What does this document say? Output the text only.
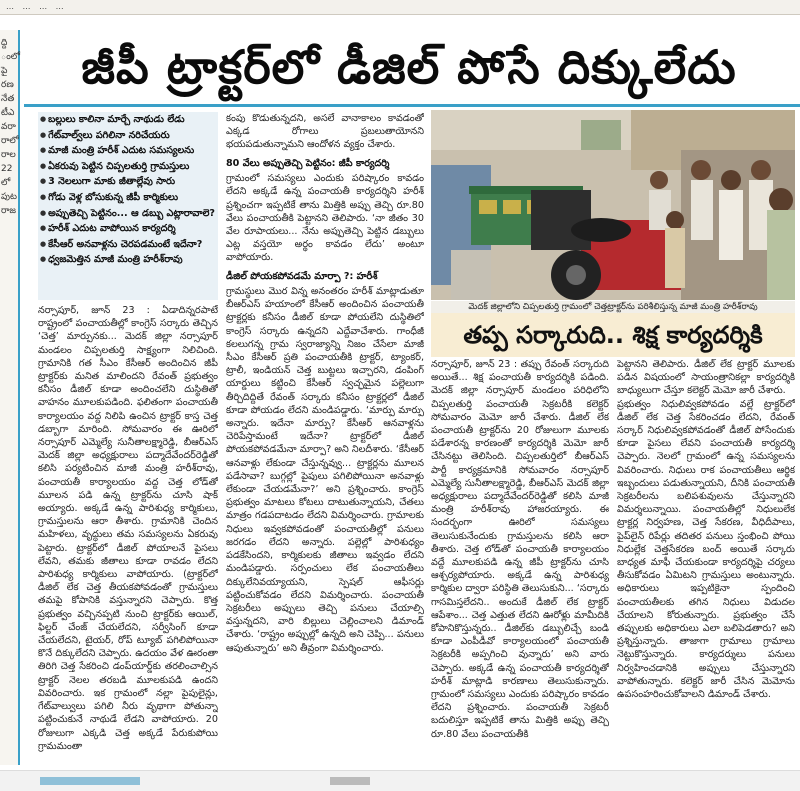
… … … …
ద్ది
ంలో
పై
రణ
నేత
టీఎ
వరా
రాలో
రాల
22
లో
పుట
రాజ
జీపీ ట్రాక్టర్‌లో డీజిల్‌ పోసే దిక్కులేదు
● బల్లులు కాలినా మార్చే నాథుడు లేడు
● గేట్‌వాల్వ్‌లు పగిలినా నరిచేయరు
● మాజీ మంత్రి హరీశ్‌ ఎదుట సమస్యలను
● ఏకరువు పెట్టిన చిప్పలతుర్తి గ్రామస్తులు
● 3 నెలలుగా మాకు జీతాల్లేవు సారు
● గోడు వెళ్ల బోసుకున్న జీపీ కార్మికులు
● అప్పుతెచ్చి పెట్టినం... ఆ డబ్బు ఎట్లారావాలె?
● హరీశ్‌ ఎదుట వాపోయిన కార్యదర్శి
● కేసీఆర్‌ అనవాళ్లను చెరపడమంటే ఇదేనా?
● ధ్వజమెత్తిన మాజీ మంత్రి హరీశ్‌రావు

నర్సాపూర్‌, జూన్‌ 23 : ఏడాదిన్నరపాటే రాష్ట్రంలో పంచాయతీల్లో కాంగ్రెస్‌ సర్కారు తెచ్చిన ‘చెత్త’ మార్పునకు... మెదక్‌ జిల్లా నర్సాపూర్‌ మండలం చిప్పలతుర్తి సాక్ష్యంగా నిలిచింది. గ్రామానికి గత సీఎం కేసీఆర్‌ అందించిన జీపీ ట్రాక్టర్‌కు మనిత మాలిందని రేవంత్‌ ప్రభుత్వం కనీసం డీజిల్‌ కూడా అందించలేని దుస్థితితో వాహనం మూలకుపడింది. ఫలితంగా పంచాయతీ కార్యాలయం వద్ద నిలిపి ఉంచిన ట్రాక్టర్‌ కాస్త చెత్త డబ్బాగా మారింది. సోమవారం ఈ ఊరిలో నర్సాపూర్‌ ఎమ్మెల్యే సునీతాలక్ష్మారెడ్డి, బీఆర్‌ఎస్‌ మెదక్‌ జిల్లా అధ్యక్షురాలు పద్మాదేవేందర్‌రెడ్డితో కలిసి పర్యటించిన మాజీ మంత్రి హరీశ్‌రావు, పంచాయతీ కార్యాలయం వద్ద చెత్త లోడ్‌తో మూలన పడి ఉన్న ట్రాక్టర్‌ను చూసి షాక్‌ అయ్యారు. అక్కడే ఉన్న పారిశుధ్య కార్మికులు, గ్రామస్తులను ఆరా తీశారు. గ్రామానికి చెందిన మహిళలు, వృద్ధులు తమ సమస్యలను ఏకరువు పెట్టారు. ట్రాక్టర్‌లో డీజిల్‌ పోయాలనే పైసలు లేవని, తమకు జీతాలు కూడా రావడం లేదని పారిశుధ్య కార్మికులు వాపోయారు. (ట్రాక్టర్‌లో డీజిల్‌ లేక చెత్త తీయకపోవడంతో గ్రామస్తులు తమపై కోపానికి వస్తున్నారని చెప్పారు. కొత్త ప్రభుత్వం వచ్చినప్పటి నుంచి ట్రాక్టర్‌కు ఆయిల్‌, ఫిల్టర్‌ చేంజ్‌ చేయలేదని, సర్వీసింగ్‌ కూడా చేయలేదని, టైయర్‌, రోప్‌ ట్యూబ్‌ పగిలిపోయినా కొనే దిక్కులేదని చెప్పారు. ఉదయం వేళ ఊరంతా తిరిగి చెత్త సేకరించి డంప్‌యార్డ్‌కు తరలించాల్సిన ట్రాక్టర్‌ నెలల తరబడి మూలకుపడి ఉందని వివరించారు. ఇక గ్రామంలో నల్లా పైపులైన్లు, గేట్‌వాల్వులు పగిలి నీరు వృథాగా పోతున్నా పట్టించుకునే నాథుడే లేడని వాపోయారు. 20 రోజులుగా ఎక్కడి చెత్త అక్కడే పేరుకుపోయి గ్రామమంతా

కంపు కొడుతున్నదని, అసలే వానాకాలం కావడంతో ఎక్కడ రోగాలు ప్రబలుతాయోనని భయపడుతున్నామని ఆందోళన వ్యక్తం చేశారు.

80 వేలు అప్పుతెచ్చి పెట్టినం: జీపీ కార్యదర్శి

గ్రామంలో సమస్యలు ఎందుకు పరిష్కారం కావడం లేదని అక్కడే ఉన్న పంచాయతీ కార్యదర్శిని హరీశ్‌ ప్రశ్నించగా ఇప్పటికే తాను మిత్తికి అప్పు తెచ్చి రూ.80 వేలు పంచాయతీకి పెట్టానని తెలిపారు. ‘నా జీతం 30 వేల రూపాయలు... నేను అప్పుతెచ్చి పెట్టిన డబ్బులు ఎట్ల వస్తయో అర్థం కావడం లేదు’ అంటూ వాపోయారు.

డీజిల్‌ పోయకపోవడమే మార్పా ?: హరీశ్‌

గ్రామస్థులు మొర విన్న అనంతరం హరీశ్‌ మాట్లాడుతూ బీఆర్‌ఎస్‌ హయాంలో కేసీఆర్‌ అందించిన పంచాయతీ ట్రాక్టర్లకు కనీసం డీజిల్‌ కూడా పోయలేని దుస్థితిలో కాంగ్రెస్‌ సర్కారు ఉన్నదని ఎద్దేవాచేశారు. గాంధీజీ కలలుగన్న గ్రామ స్వరాజ్యాన్ని నిజం చేసేలా మాజీ సీఎం కేసీఆర్‌ ప్రతి పంచాయతీకి ట్రాక్టర్‌, ట్యాంకర్‌, ట్రాలీ, ఇండియన్‌ చెత్త బుట్టలు ఇచ్చారని, డంపింగ్‌ యార్డులు కట్టించి కేసీఆర్‌ స్వచ్ఛమైన పల్లెలుగా తీర్చిదిద్దితే రేవంత్‌ సర్కారు కనీసం ట్రాక్టర్లలో డీజిల్‌ కూడా పోయడం లేదని మండిపడ్డారు. ‘మార్పు మార్పు అన్నారు. ఇదేనా మార్పు? కేసీఆర్‌ ఆనవాళ్లను చెరిపేస్తామంటే ఇదేనా? ట్రాక్టర్‌లో డీజిల్‌ పోయకపోవడమేనా మార్పా? అని నిలదీశారు. ‘కేసీఆర్‌ ఆనవాళ్లు లేకుండా చేస్తున్నవ్వు... ట్రాక్టర్లను మూలన పడేసావా? బుగ్గల్లో పైపులు పగిలిపోయినా అనవాళ్లు లేకుండా చేయడమేనా?’ అని ప్రశ్నించారు. కాంగ్రెస్‌ ప్రభుత్వం మాటలు కోటలు దాటుతున్నాయని, చేతలు మాత్రం గడపదాటడం లేదని విమర్శించారు. గ్రామాలకు నిధులు ఇవ్వకపోవడంతో పంచాయతీల్లో పనులు జరగడం లేదని అన్నారు. పల్లెల్లో పారిశుధ్యం పడకేసిందని, కార్మికులకు జీతాలు ఇవ్వడం లేదని మండిపడ్డారు. సర్పంచులు లేక పంచాయతీలు దిక్కులేనివయ్యాయని, స్పెషల్‌ ఆఫీసర్లు పట్టించుకోవడం లేదని విమర్శించారు. పంచాయతీ సెక్రటరీలు అప్పులు తెచ్చి పనులు చేయాల్సి వస్తున్నదని, వారి బిల్లులు చెల్లించాలని డిమాండ్‌ చేశారు. ‘రాష్ట్రం అప్పుల్లో ఉన్నది అని చెప్పి... పనులు ఆపుతున్నారు’ అని తీవ్రంగా విమర్శించారు.

మెదక్‌ జిల్లాలోని చిప్పలతుర్తి గ్రామంలో చెత్తట్రాక్టర్‌ను పరిశీలిస్తున్న మాజీ మంత్రి హరీశ్‌రావు
తప్ప సర్కారుది.. శిక్ష కార్యదర్శికి

నర్సాపూర్‌, జూన్‌ 23 : తప్పు రేవంత్‌ సర్కారుది అయితే... శిక్ష పంచాయతీ కార్యదర్శికి పడింది. మెదక్‌ జిల్లా నర్సాపూర్‌ మండలం పరిధిలోని చిప్పలతుర్తి పంచాయతీ సెక్రటరీకి కలెక్టర్‌ సోమవారం మెమో జారీ చేశారు. డీజిల్‌ లేక పంచాయతీ ట్రాక్టర్‌ను 20 రోజులుగా మూలకు పడేశారన్న కారణంతో కార్యదర్శికి మెమో జారీ చేసినట్టు తెలిసింది. చిప్పలతుర్తిలో బీఆర్‌ఎస్‌ పార్టీ కార్యక్రమానికి సోమవారం నర్సాపూర్‌ ఎమ్మెల్యే సునీతాలక్ష్మారెడ్డి, బీఆర్‌ఎస్‌ మెదక్‌ జిల్లా అధ్యక్షురాలు పద్మాదేవేందర్‌రెడ్డితో కలిసి మాజీ మంత్రి హరీశ్‌రావు హాజరయ్యారు. ఈ సందర్భంగా ఊరిలో సమస్యలు తెలుసుకునేందుకు గ్రామస్తులను కలిసి ఆరా తీశారు. చెత్త లోడ్‌తో పంచాయతీ కార్యాలయం వద్దే మూలకుపడి ఉన్న జీపీ ట్రాక్టర్‌ను చూసి ఆశ్చర్యపోయారు. అక్కడే ఉన్న పారిశుధ్య కార్మికుల ద్వారా పరిస్థితి తెలుసుకుని... ‘సర్కారు గాసమిస్తలేదని.. అందుకే డీజిల్‌ లేక ట్రాక్టర్‌ ఆపేశాం... చెత్త ఎత్తుత లేదని ఊరోళ్లు మామీదికి కోపానికొస్తున్నరు.. డీజిల్‌కు డబ్బులిచ్చే బండి కూడా ఎంపీడీవో కార్యాలయంలో పంచాయతీ సెక్రటరీకి అప్పగించి వున్నారు’ అని వారు చెప్పారు. అక్కడే ఉన్న పంచాయతీ కార్యదర్శితో హరీశ్‌ మాట్లాడి కారణాలు తెలుసుకున్నారు. గ్రామంలో సమస్యలు ఎందుకు పరిష్కారం కావడం లేదని ప్రశ్నించారు. పంచాయతీ సెక్రటరీ బదులిస్తూ ఇప్పటికే తాను మిత్తికి అప్పు తెచ్చి రూ.80 వేలు పంచాయతీకి

పెట్టానని తెలిపారు. డీజిల్‌ లేక ట్రాక్టర్‌ మూలకు పడిన విషయంలో సాయంత్రానికల్లా కార్యదర్శికి బాధ్యులుగా చేస్తూ కలెక్టర్‌ మెమో జారీ చేశారు.

ప్రభుత్వం నిధులివ్వకపోవడం వల్లే ట్రాక్టర్‌లో డీజిల్‌ లేక చెత్త సేకరించడం లేదని, రేవంత్‌ సర్కార్‌ నిధులివ్వకపోవడంతో డీజిల్‌ పోసేందుకు కూడా పైసలు లేవని పంచాయతీ కార్యదర్శి చెప్పారు. నెలలో గ్రామంలో ఉన్న సమస్యలను వివరించారు. నిధులు రాక పంచాయతీలు ఆర్థిక ఇబ్బందులు పడుతున్నాయని, దీనికి పంచాయతీ సెక్రటరీలను బలిపశువులను చేస్తున్నారని విమర్శలున్నాయి. పంచాయతీల్లో నిధులులేక ట్రాక్టర్ల నిర్వహణ, చెత్త సేకరణ, వీధిదీపాలు, పైప్‌లైన్‌ రిపేర్లు తదితర పనులు స్తంభించి పోయి నిధుల్లేక చెత్తసేకరణ బంద్‌ అయితే సర్కారు బాధ్యత మాఫీ చేయకుండా కార్యదర్శిపై చర్యలు తీసుకోవడం ఏమిటని గ్రామస్తులు అంటున్నారు. అధికారులు ఇప్పటికైనా స్పందించి పంచాయతీలకు తగిన నిధులు విడుదల చేయాలని కోరుతున్నారు. ప్రభుత్వం చేసే తప్పులకు అధికారులు ఎలా బలిపెడతారు? అని ప్రశ్నిస్తున్నారు. తాజాగా గ్రామాలు గ్రామాలు నెట్టుకొస్తున్నారు. కార్యదర్శులు పనులు నిర్వహించడానికి అప్పులు చేస్తున్నారని వాపోతున్నారు. కలెక్టర్‌ జారీ చేసిన మెమోను ఉపసంహరించుకోవాలని డిమాండ్‌ చేశారు.
